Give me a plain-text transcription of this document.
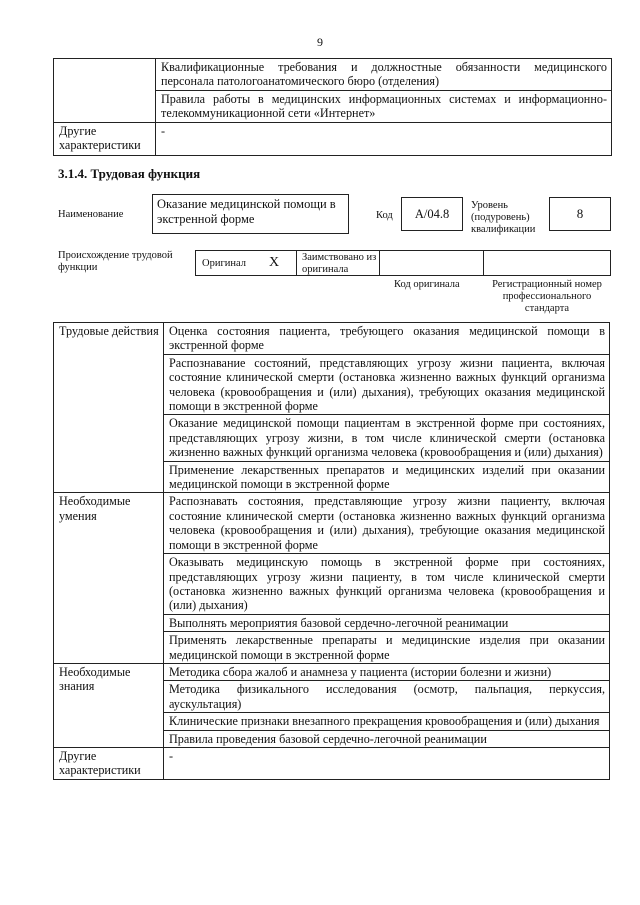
9
	Квалификационные требования и должностные обязанности медицинского персонала патологоанатомического бюро (отделения)
	Правила работы в медицинских информационных системах и информационно-телекоммуникационной сети «Интернет»
Другие характеристики	-
3.1.4. Трудовая функция
Наименование
Оказание медицинской помощи в экстренной форме	Код	A/04.8
Уровень (подуровень) квалификации
8
Происхождение трудовой функции	Оригинал X Заимствовано из оригинала
Код оригинала	Регистрационный номер профессионального стандарта
Трудовые действия	Оценка состояния пациента, требующего оказания медицинской помощи в экстренной форме
	Распознавание состояний, представляющих угрозу жизни пациента, включая состояние клинической смерти (остановка жизненно важных функций организма человека (кровообращения и (или) дыхания), требующих оказания медицинской помощи в экстренной форме
	Оказание медицинской помощи пациентам в экстренной форме при состояниях, представляющих угрозу жизни, в том числе клинической смерти (остановка жизненно важных функций организма человека (кровообращения и (или) дыхания)
	Применение лекарственных препаратов и медицинских изделий при оказании медицинской помощи в экстренной форме
Необходимые умения	Распознавать состояния, представляющие угрозу жизни пациенту, включая состояние клинической смерти (остановка жизненно важных функций организма человека (кровообращения и (или) дыхания), требующие оказания медицинской помощи в экстренной форме
	Оказывать медицинскую помощь в экстренной форме при состояниях, представляющих угрозу жизни пациенту, в том числе клинической смерти (остановка жизненно важных функций организма человека (кровообращения и (или) дыхания)
	Выполнять мероприятия базовой сердечно-легочной реанимации
	Применять лекарственные препараты и медицинские изделия при оказании медицинской помощи в экстренной форме
Необходимые знания	Методика сбора жалоб и анамнеза у пациента (истории болезни и жизни)
	Методика физикального исследования (осмотр, пальпация, перкуссия, аускультация)
	Клинические признаки внезапного прекращения кровообращения и (или) дыхания
	Правила проведения базовой сердечно-легочной реанимации
Другие характеристики	-
